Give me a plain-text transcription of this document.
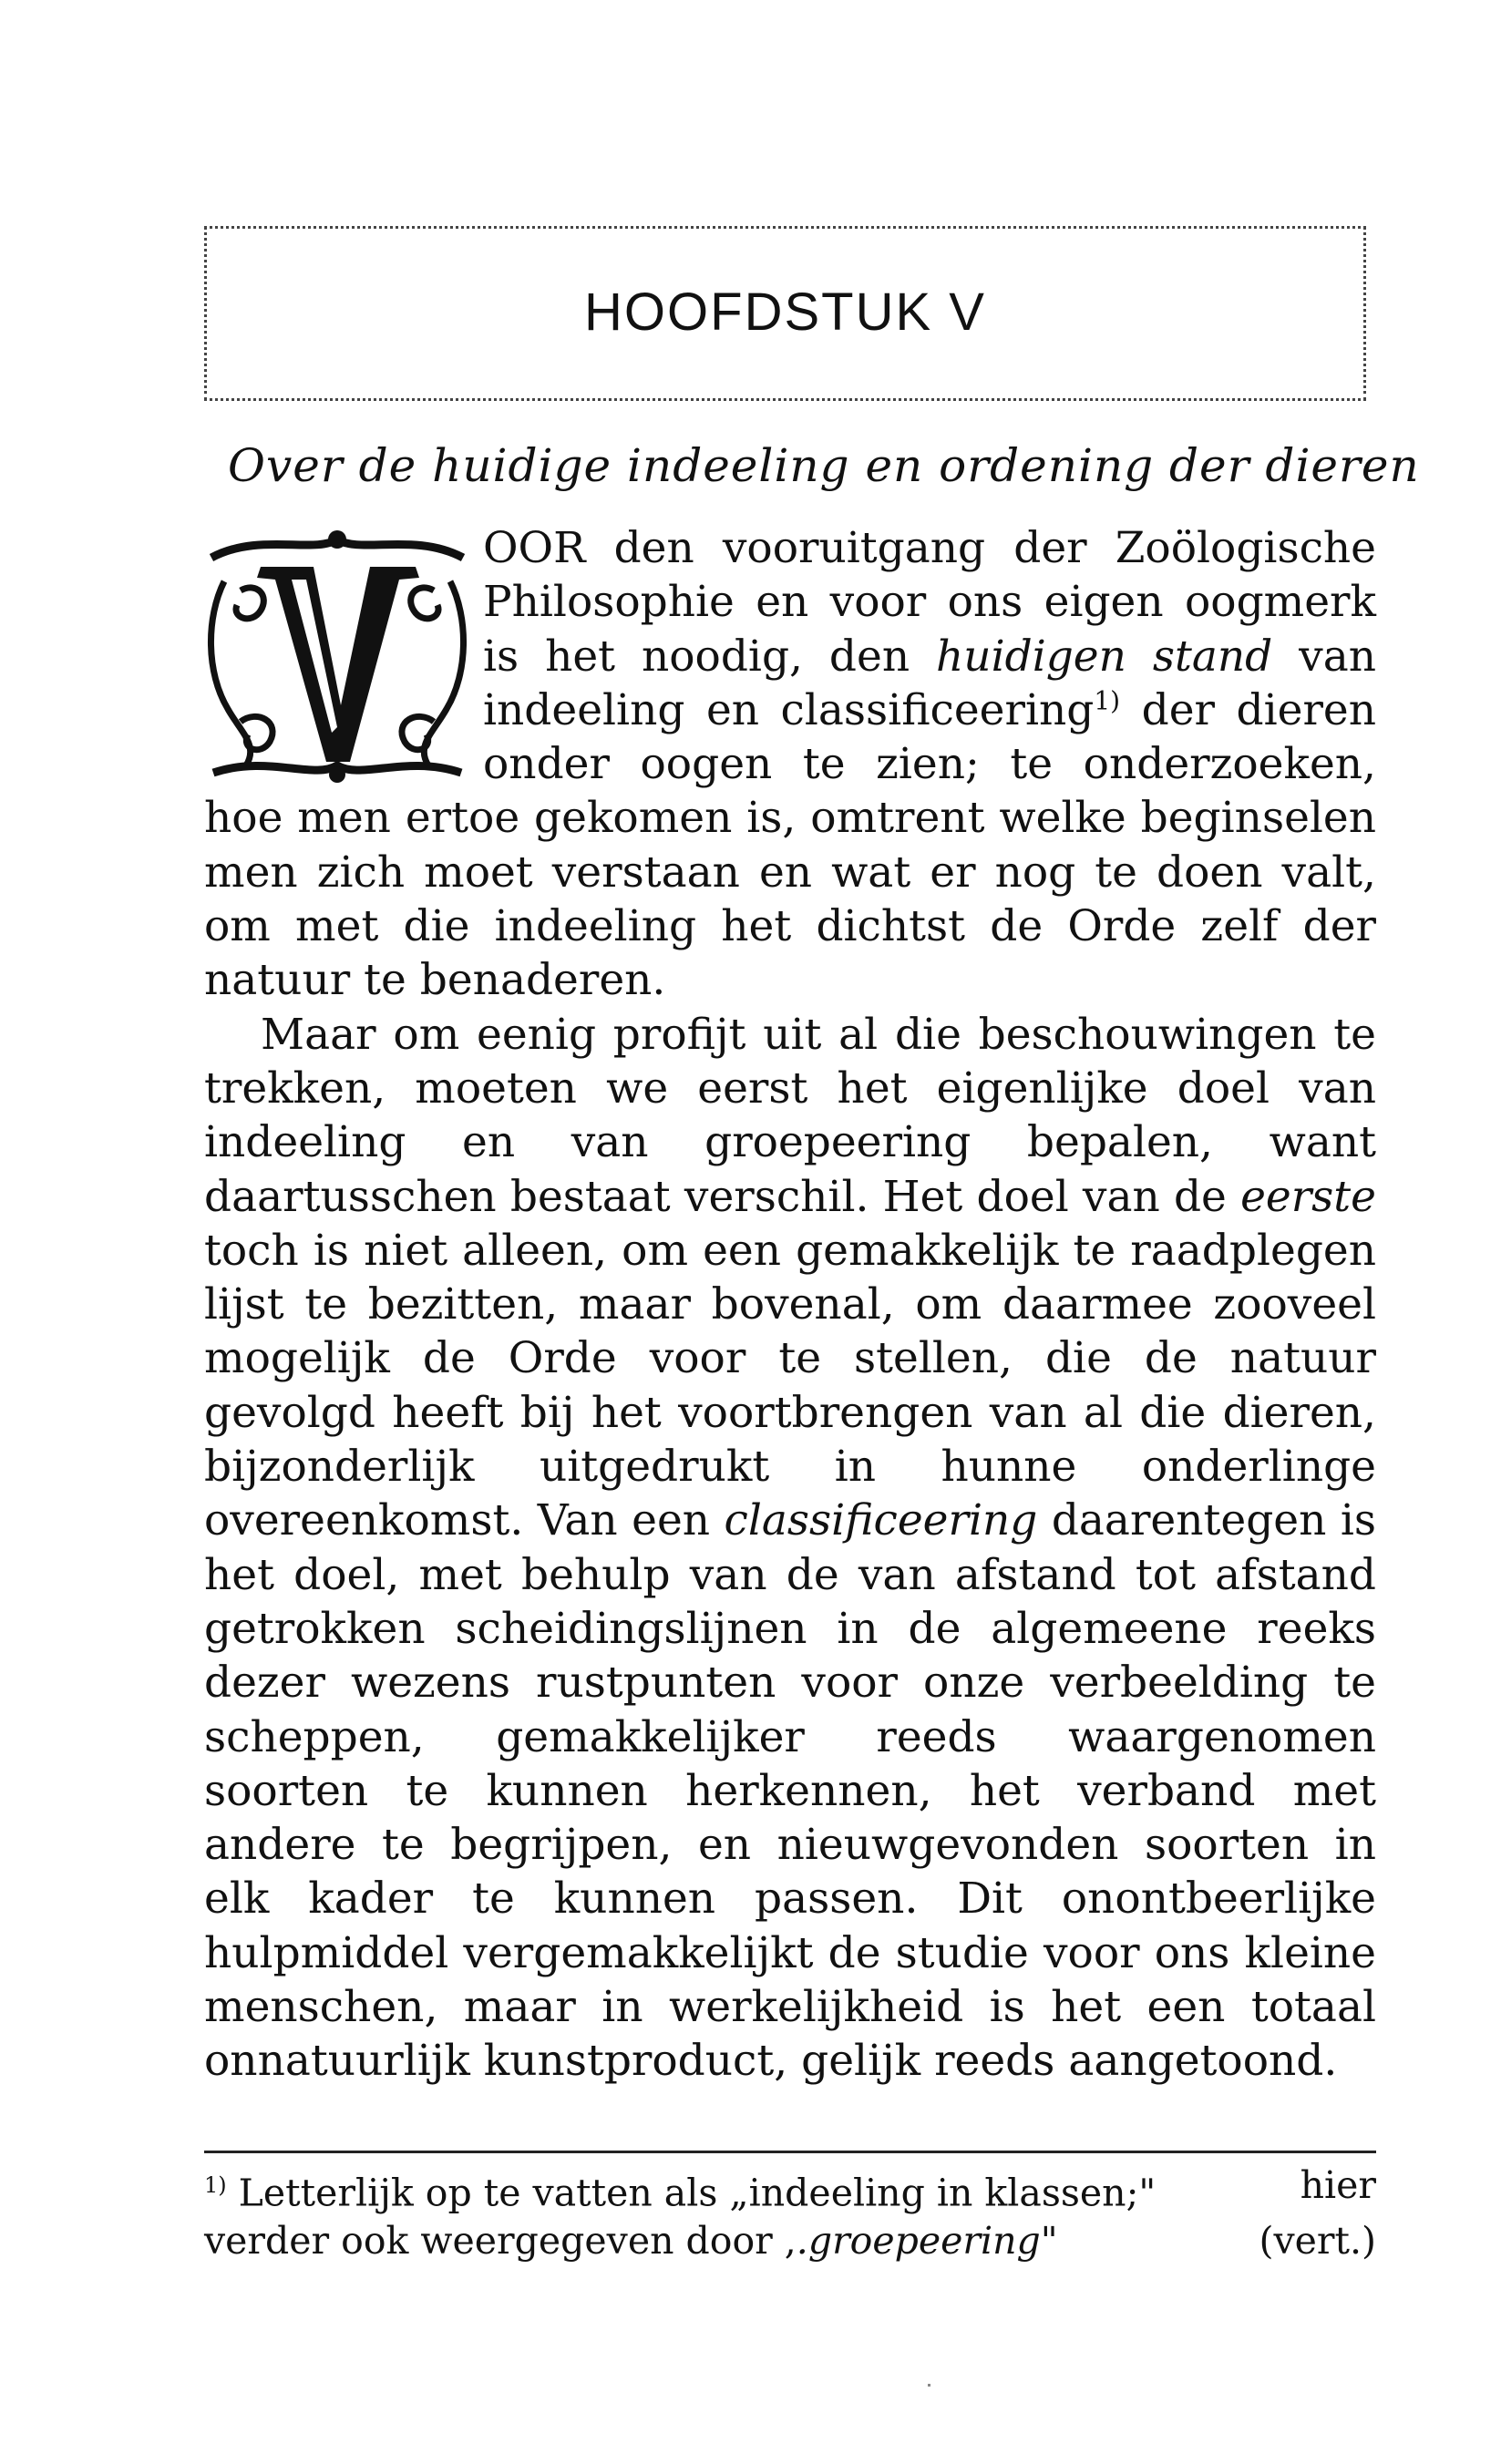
HOOFDSTUK V
Over de huidige indeeling en ordening der dieren

OOR den vooruitgang der Zoölogische Philosophie en voor ons eigen oogmerk is het noodig, den huidigen stand van indeeling en classificeering$^{1)}$ der dieren onder oogen te zien; te onderzoeken, hoe men ertoe gekomen is, omtrent welke beginselen men zich moet verstaan en wat er nog te doen valt, om met die indeeling het dichtst de Orde zelf der natuur te benaderen.

Maar om eenig profijt uit al die beschouwingen te trekken, moeten we eerst het eigenlijke doel van indeeling en van groepeering bepalen, want daartusschen bestaat verschil. Het doel van de eerste toch is niet alleen, om een gemakkelijk te raadplegen lijst te bezitten, maar bovenal, om daarmee zooveel mogelijk de Orde voor te stellen, die de natuur gevolgd heeft bij het voortbrengen van al die dieren, bijzonderlijk uitgedrukt in hunne onderlinge overeenkomst. Van een classificeering daarentegen is het doel, met behulp van de van afstand tot afstand getrokken scheidingslijnen in de algemeene reeks dezer wezens rustpunten voor onze verbeelding te scheppen, gemakkelijker reeds waargenomen soorten te kunnen herkennen, het verband met andere te begrijpen, en nieuwgevonden soorten in elk kader te kunnen passen. Dit onontbeerlijke hulpmiddel vergemakkelijkt de studie voor ons kleine menschen, maar in werkelijkheid is het een totaal onnatuurlijk kunstproduct, gelijk reeds aangetoond.

$^{1)}$ Letterlijk op te vatten als „indeeling in klassen;"	hier
verder ook weergegeven door ,.groepeering"	(vert.)
